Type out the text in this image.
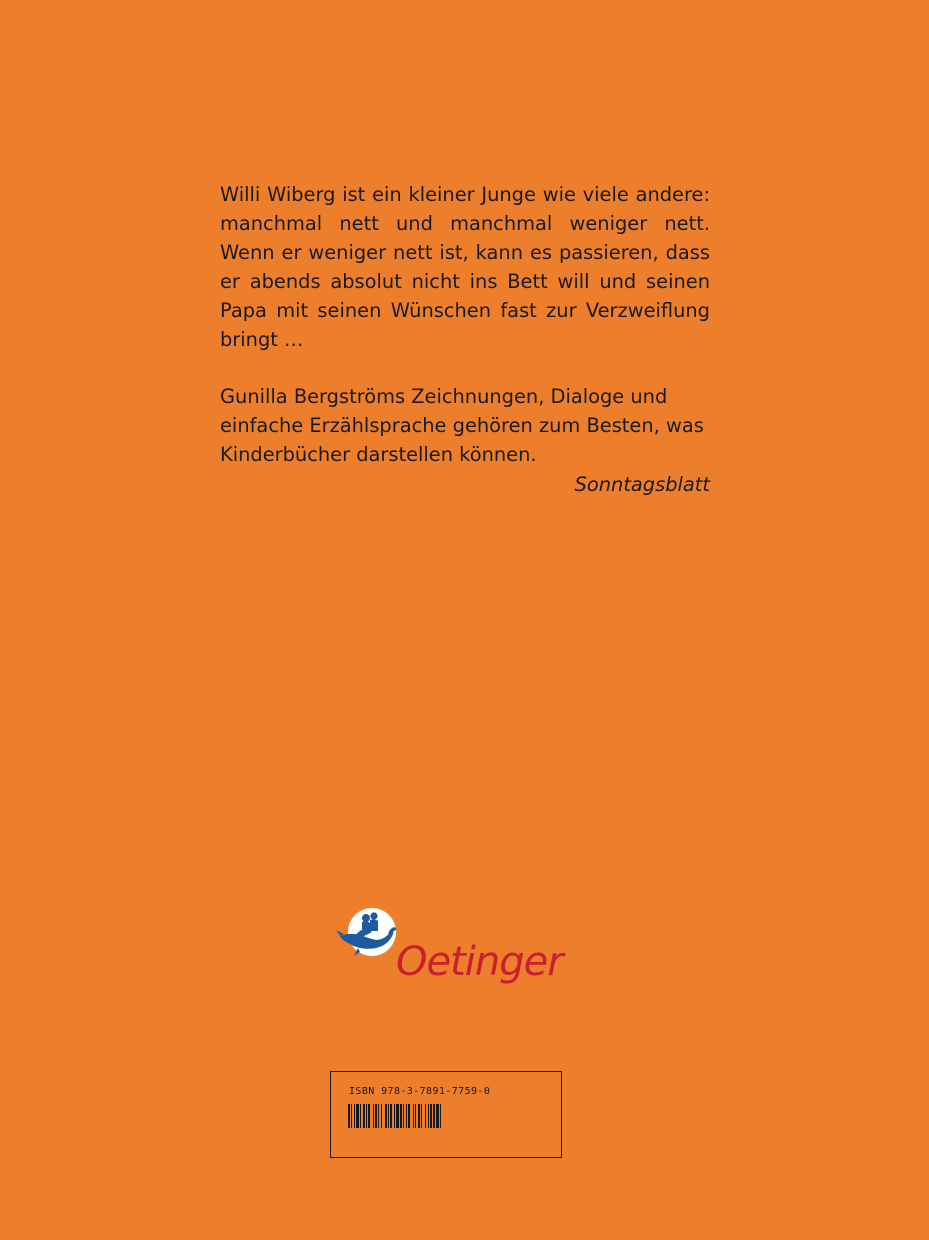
Willi Wiberg ist ein kleiner Junge wie viele andere: manchmal nett und manchmal weniger nett. Wenn er weniger nett ist, kann es passieren, dass er abends absolut nicht ins Bett will und seinen Papa mit seinen Wünschen fast zur Verzweiflung bringt …

Gunilla Bergströms Zeichnungen, Dialoge und einfache Erzählsprache gehören zum Besten, was Kinderbücher darstellen können.

Sonntagsblatt
Oetinger
ISBN 978-3-7891-7759-0
